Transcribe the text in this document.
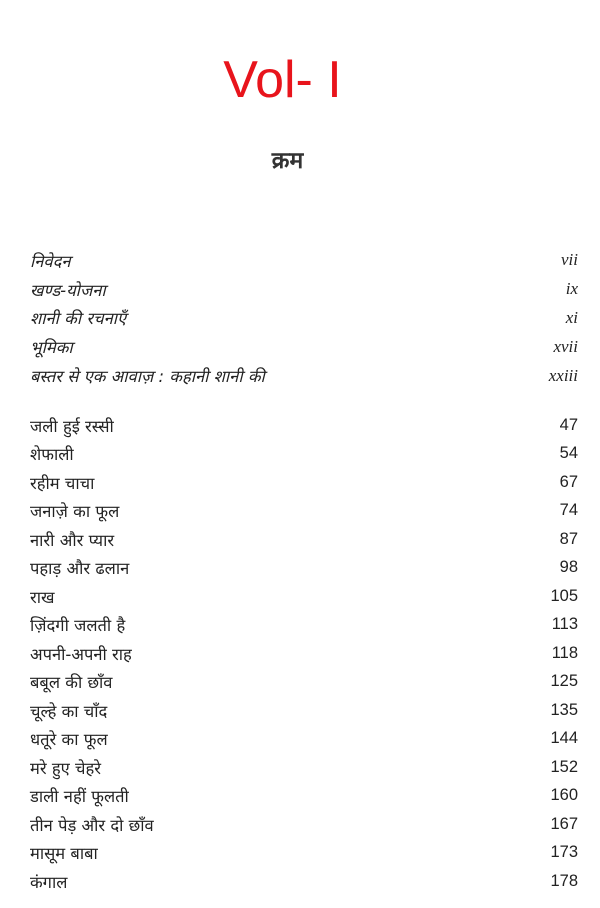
Vol- I
क्रम
निवेदन	vii
खण्ड-योजना	ix
शानी की रचनाएँ	xi
भूमिका	xvii
बस्तर से एक आवाज़ : कहानी शानी की	xxiii
जली हुई रस्सी	47
शेफाली	54
रहीम चाचा	67
जनाज़े का फूल	74
नारी और प्यार	87
पहाड़ और ढलान	98
राख	105
ज़िंदगी जलती है	113
अपनी-अपनी राह	118
बबूल की छाँव	125
चूल्हे का चाँद	135
धतूरे का फूल	144
मरे हुए चेहरे	152
डाली नहीं फूलती	160
तीन पेड़ और दो छाँव	167
मासूम बाबा	173
कंगाल	178
